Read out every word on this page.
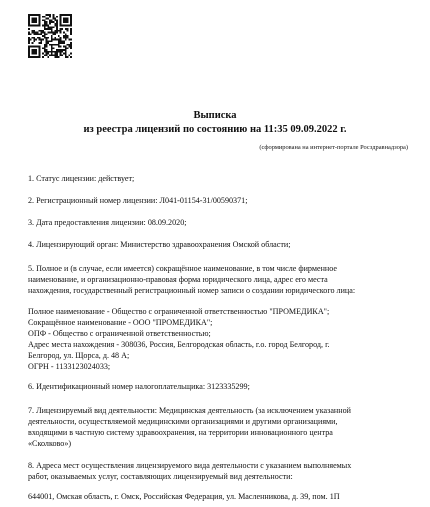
Выписка
из реестра лицензий по состоянию на 11:35 09.09.2022 г.
(сформирована на интернет-портале Росздравнадзора)

1. Статус лицензии: действует;

2. Регистрационный номер лицензии: Л041-01154-31/00590371;

3. Дата предоставления лицензии: 08.09.2020;

4. Лицензирующий орган: Министерство здравоохранения Омской области;

5. Полное и (в случае, если имеется) сокращённое наименование, в том числе фирменное
наименование, и организационно-правовая форма юридического лица, адрес его места
нахождения, государственный регистрационный номер записи о создании юридического лица:
Полное наименование - Общество с ограниченной ответственностью "ПРОМЕДИКА";
Сокращённое наименование - ООО "ПРОМЕДИКА";
ОПФ - Общество с ограниченной ответственностью;
Адрес места нахождения - 308036, Россия, Белгородская область, г.о. город Белгород, г.
Белгород, ул. Щорса, д. 48 А;
ОГРН - 1133123024033;

6. Идентификационный номер налогоплательщика: 3123335299;

7. Лицензируемый вид деятельности: Медицинская деятельность (за исключением указанной
деятельности, осуществляемой медицинскими организациями и другими организациями,
входящими в частную систему здравоохранения, на территории инновационного центра
«Сколково»)
8. Адреса мест осуществления лицензируемого вида деятельности с указанием выполняемых
работ, оказываемых услуг, составляющих лицензируемый вид деятельности:

644001, Омская область, г. Омск, Российская Федерация, ул. Масленникова, д. 39, пом. 1П
